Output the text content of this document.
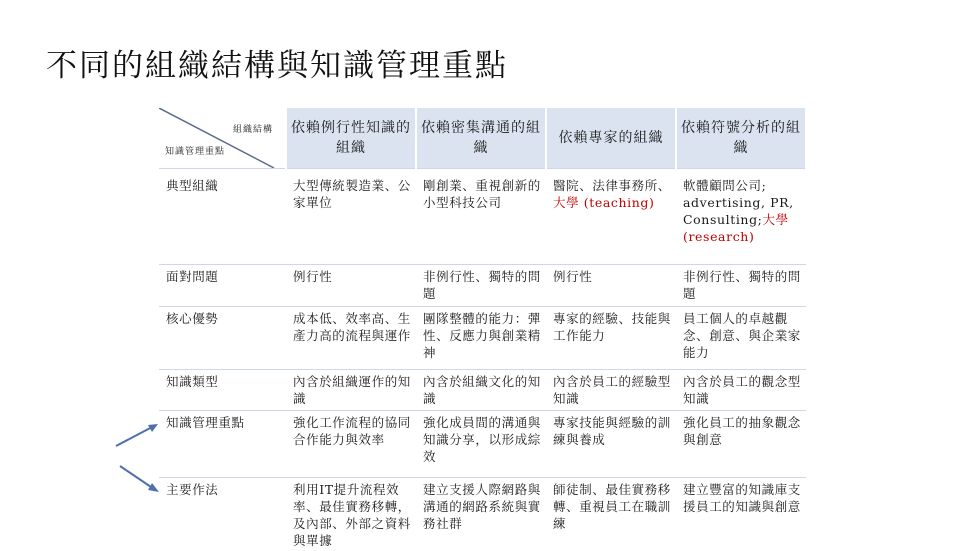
不同的組織結構與知識管理重點
組織結構
知識管理重點	依賴例行性知識的組織	依賴密集溝通的組織	依賴專家的組織	依賴符號分析的組織
典型組織	大型傳統製造業、公家單位	剛創業、重視創新的小型科技公司	醫院、法律事務所、大學 (teaching)	軟體顧問公司; advertising, PR, Consulting;大學 (research)
面對問題	例行性	非例行性、獨特的問題	例行性	非例行性、獨特的問題
核心優勢	成本低、效率高、生產力高的流程與運作	團隊整體的能力：彈性、反應力與創業精神	專家的經驗、技能與工作能力	員工個人的卓越觀念、創意、與企業家能力
知識類型	內含於組織運作的知識	內含於組織文化的知識	內含於員工的經驗型知識	內含於員工的觀念型知識
知識管理重點	強化工作流程的協同合作能力與效率	強化成員間的溝通與知識分享，以形成綜效	專家技能與經驗的訓練與養成	強化員工的抽象觀念與創意
主要作法	利用IT提升流程效率、最佳實務移轉，及內部、外部之資料與單據	建立支援人際網路與溝通的網路系統與實務社群	師徒制、最佳實務移轉、重視員工在職訓練	建立豐富的知識庫支援員工的知識與創意
